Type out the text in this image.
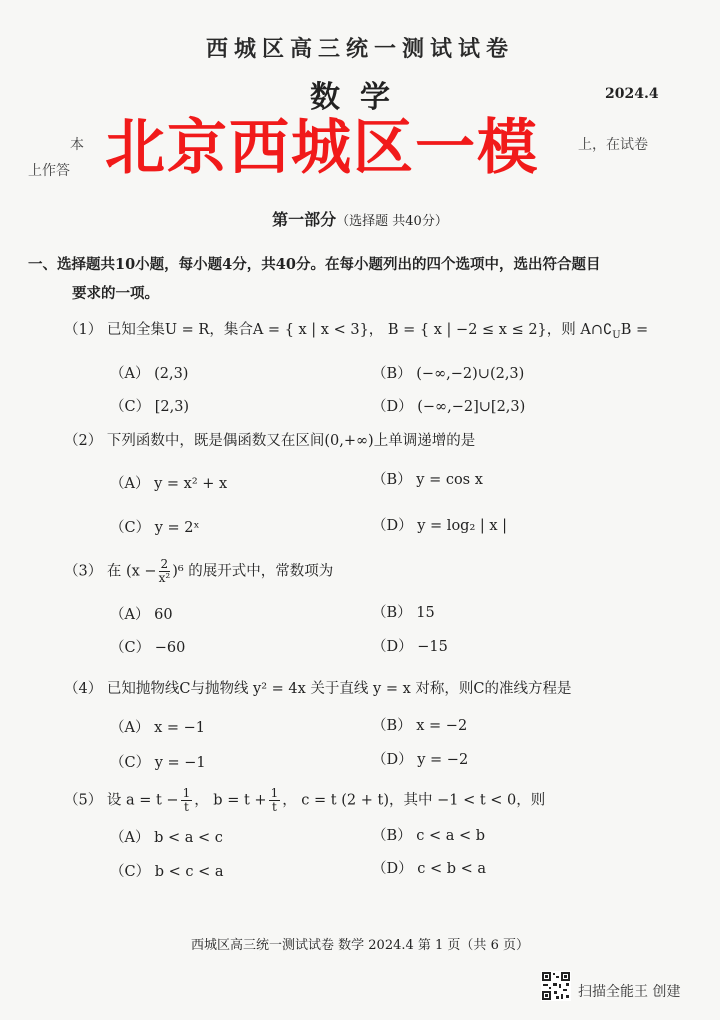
西城区高三统一测试试卷
数学	2024.4
本	上，在试卷
上作答 北京西城区一模
第一部分（选择题 共40分）
一、选择题共10小题，每小题4分，共40分。在每小题列出的四个选项中，选出符合题目
要求的一项。
（1） 已知全集U = R，集合A = { x | x < 3}， B = { x | −2 ≤ x ≤ 2}，则 $A\cap∁_UB$ =
（A） (2,3)	（B） (−∞,−2)∪(2,3)
（C） [2,3)	（D） (−∞,−2]∪[2,3)
（2） 下列函数中，既是偶函数又在区间(0,+∞)上单调递增的是
（A） y = x² + x	（B） y = cos x
（C） y = 2ˣ	（D） y = log₂ | x |
（3） 在 $(x - \frac{2}{\text{x²}} )^6$ 的展开式中，常数项为
（A） 60	（B） 15
（C） −60	（D） −15
（4） 已知抛物线C与抛物线 y² = 4x 关于直线 y = x 对称，则C的准线方程是
（A） x = −1	（B） x = −2
（C） y = −1	（D） y = −2
（5） 设 $a = t - \frac{1}{t}$ ， $b = t + \frac{1}{t}$ ， c = t (2 + t)，其中 −1 < t < 0，则
（A） b < a < c	（B） c < a < b
（C） b < c < a	（D） c < b < a
西城区高三统一测试试卷 数学 2024.4 第 1 页（共 6 页）
扫描全能王 创建
